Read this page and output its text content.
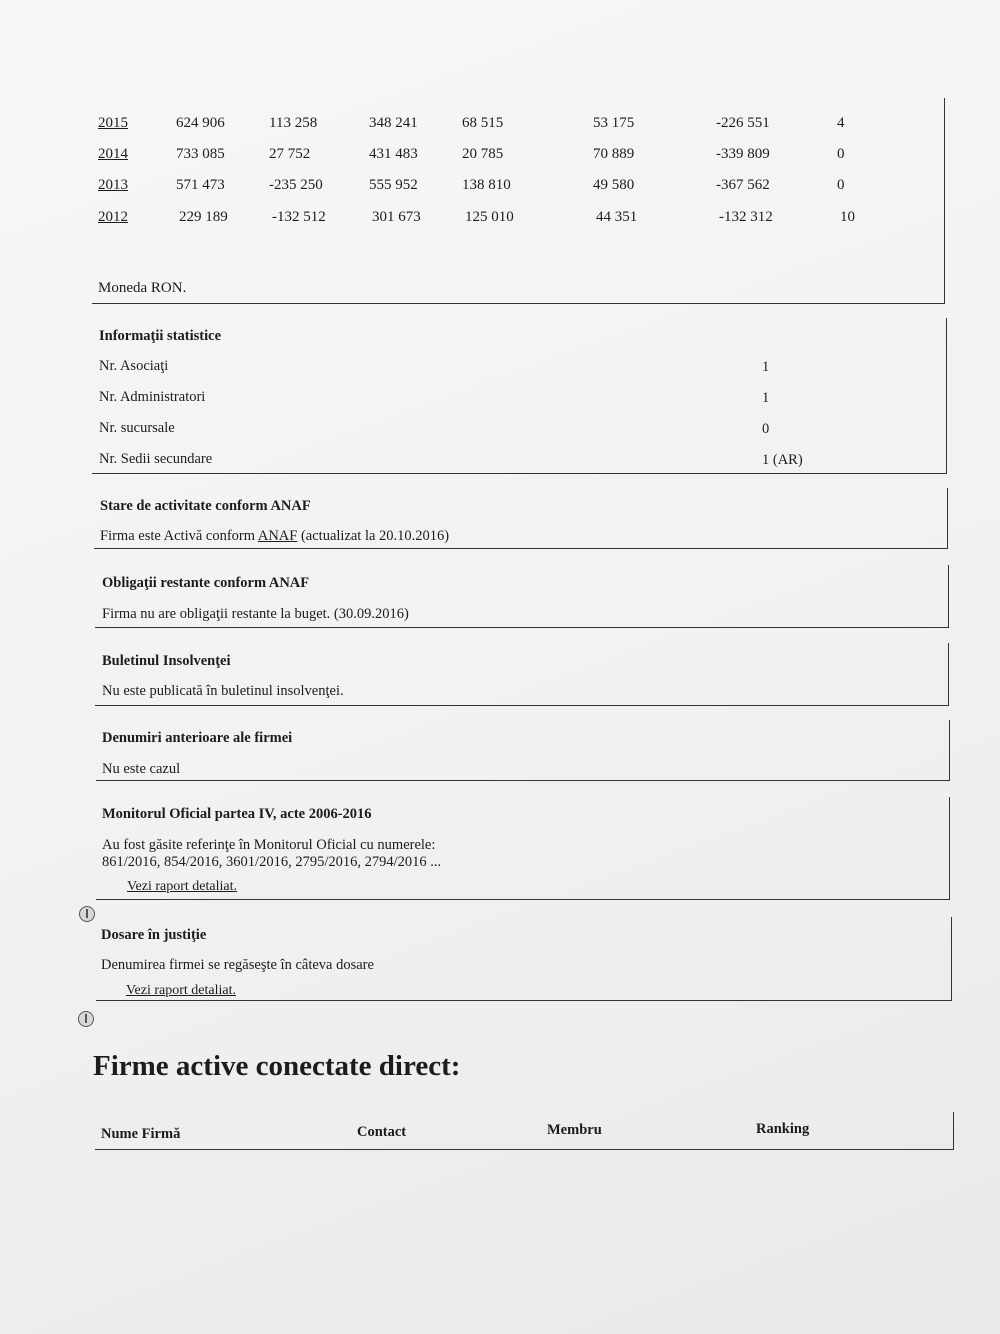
2015	624 906	113 258	348 241	68 515	53 175	-226 551	4
2014	733 085	27 752	431 483	20 785	70 889	-339 809	0
2013	571 473	-235 250	555 952	138 810	49 580	-367 562	0
2012	229 189	-132 512	301 673	125 010	44 351	-132 312	10
Moneda RON.
Informaţii statistice
Nr. Asociaţi	1
Nr. Administratori	1
Nr. sucursale	0
Nr. Sedii secundare	1 (AR)
Stare de activitate conform ANAF
Firma este Activă conform ANAF (actualizat la 20.10.2016)
Obligaţii restante conform ANAF
Firma nu are obligaţii restante la buget. (30.09.2016)
Buletinul Insolvenţei
Nu este publicată în buletinul insolvenţei.
Denumiri anterioare ale firmei
Nu este cazul
Monitorul Oficial partea IV, acte 2006-2016
Au fost găsite referinţe în Monitorul Oficial cu numerele:
861/2016, 854/2016, 3601/2016, 2795/2016, 2794/2016 ...
Vezi raport detaliat.
Dosare în justiţie
Denumirea firmei se regăseşte în câteva dosare
Vezi raport detaliat.
Firme active conectate direct:
Nume Firmă	Contact	Membru	Ranking
